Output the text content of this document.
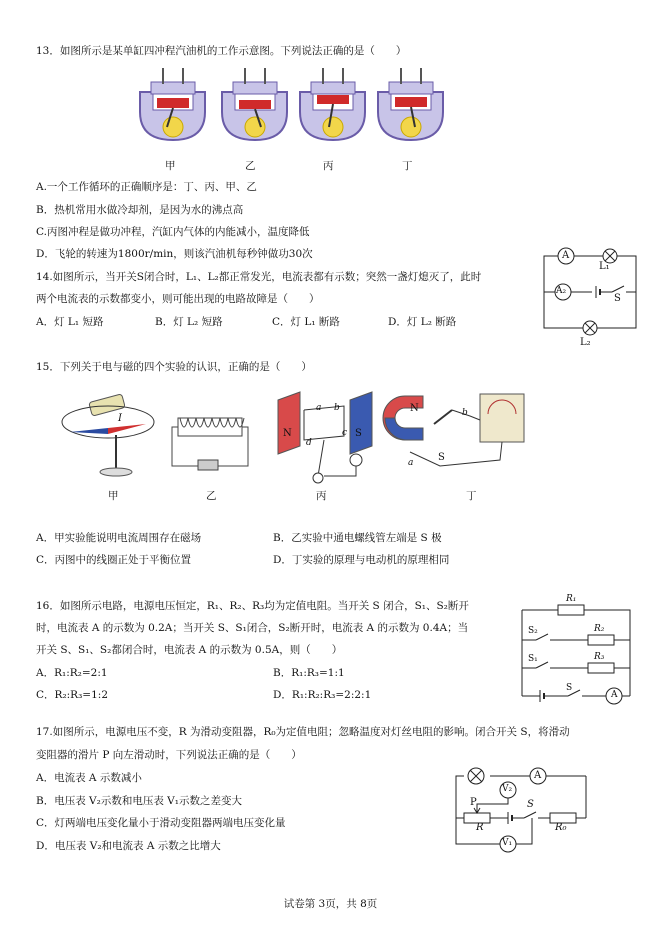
13．如图所示是某单缸四冲程汽油机的工作示意图。下列说法正确的是（　　）
甲	乙	丙	丁
A.一个工作循环的正确顺序是：丁、丙、甲、乙
B．热机常用水做冷却剂，是因为水的沸点高
C.丙图冲程是做功冲程，汽缸内气体的内能减小，温度降低
D．飞轮的转速为1800r/min，则该汽油机每秒钟做功30次
14.如图所示，当开关S闭合时，L₁、L₂都正常发光，电流表都有示数；突然一盏灯熄灭了，此时
两个电流表的示数都变小，则可能出现的电路故障是（　　）
A．灯 L₁ 短路	B．灯 L₂ 短路	C．灯 L₁ 断路	D．灯 L₂ 断路
A
A₂
L₁
S
L₂
15．下列关于电与磁的四个实验的认识，正确的是（　　）
I
N	S
a b
c
d
N
S
b
a
甲	乙	丙	丁
A．甲实验能说明电流周围存在磁场	B．乙实验中通电螺线管左端是 S 极
C．丙图中的线圈正处于平衡位置	D．丁实验的原理与电动机的原理相同
16．如图所示电路，电源电压恒定，R₁、R₂、R₃均为定值电阻。当开关 S 闭合，S₁、S₂断开
时，电流表 A 的示数为 0.2A；当开关 S、S₁闭合，S₂断开时，电流表 A 的示数为 0.4A；当
开关 S、S₁、S₂都闭合时，电流表 A 的示数为 0.5A，则（　　）
A．R₁:R₂=2:1	B．R₁:R₃=1:1
C．R₂:R₃=1:2	D．R₁:R₂:R₃=2:2:1
R₁
S₂	R₂
S₁	R₃
S
A
17.如图所示，电源电压不变，R 为滑动变阻器，R₀为定值电阻；忽略温度对灯丝电阻的影响。闭合开关 S，将滑动
变阻器的滑片 P 向左滑动时，下列说法正确的是（　　）
A．电流表 A 示数减小
B．电压表 V₂示数和电压表 V₁示数之差变大
C．灯两端电压变化量小于滑动变阻器两端电压变化量
D．电压表 V₂和电流表 A 示数之比增大
A
V₂
P	S
R	R₀
V₁
试卷第 3页，共 8页
